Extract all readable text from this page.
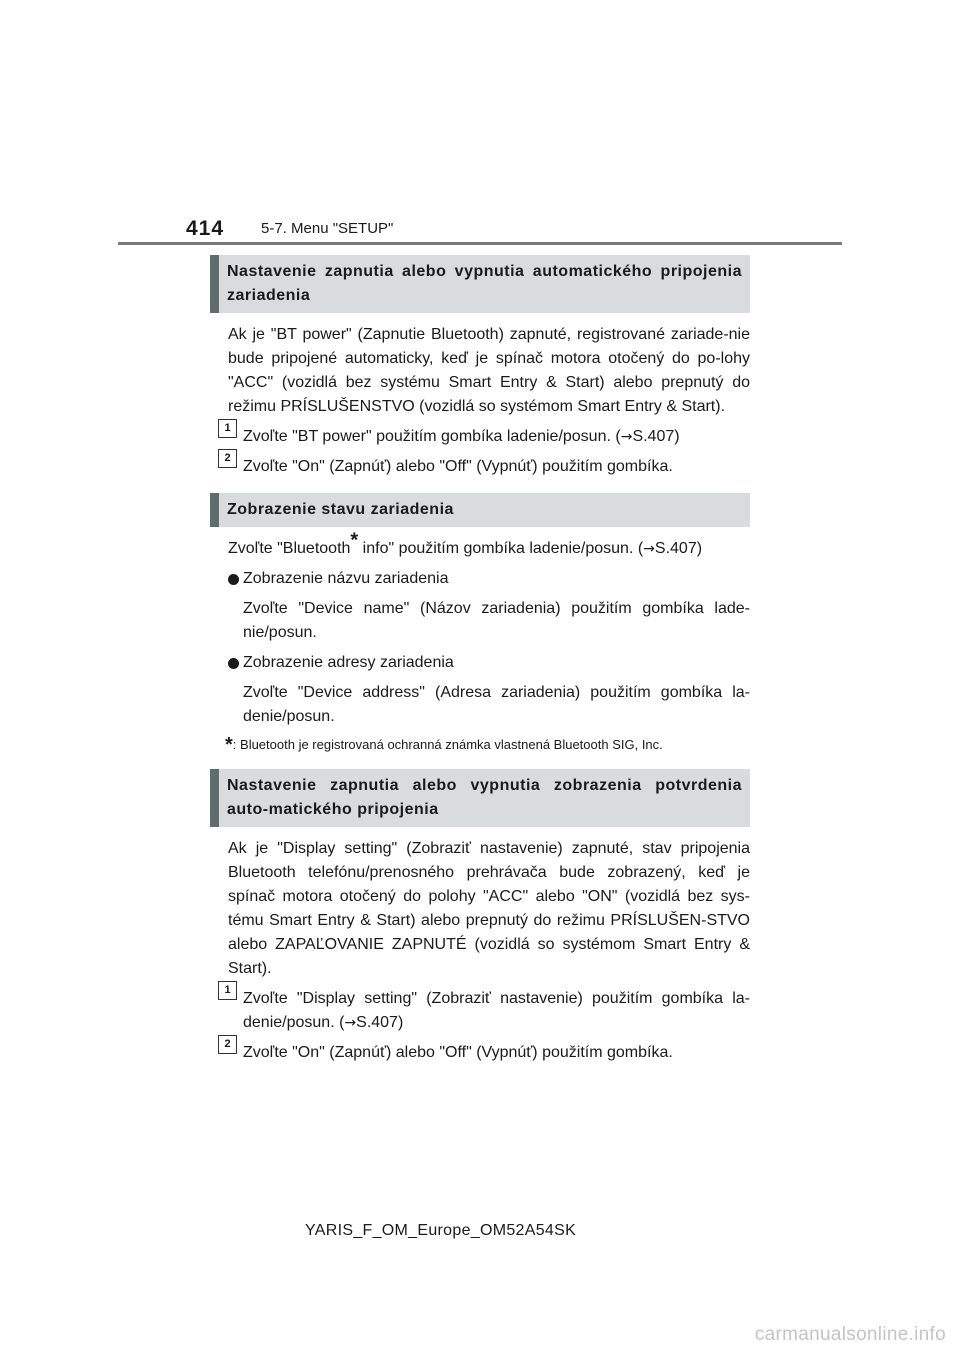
414 5-7. Menu "SETUP"
Nastavenie zapnutia alebo vypnutia automatického pripojenia zariadenia
Ak je "BT power" (Zapnutie Bluetooth) zapnuté, registrované zariade-nie bude pripojené automaticky, keď je spínač motora otočený do po-lohy "ACC" (vozidlá bez systému Smart Entry & Start) alebo prepnutý do režimu PRÍSLUŠENSTVO (vozidlá so systémom Smart Entry & Start).
1 Zvoľte "BT power" použitím gombíka ladenie/posun. (→S.407)
2 Zvoľte "On" (Zapnúť) alebo "Off" (Vypnúť) použitím gombíka.
Zobrazenie stavu zariadenia
Zvoľte "Bluetooth* info" použitím gombíka ladenie/posun. (→S.407)
Zobrazenie názvu zariadenia
Zvoľte "Device name" (Názov zariadenia) použitím gombíka lade-nie/posun.
Zobrazenie adresy zariadenia
Zvoľte "Device address" (Adresa zariadenia) použitím gombíka la-denie/posun.
*: Bluetooth je registrovaná ochranná známka vlastnená Bluetooth SIG, Inc.
Nastavenie zapnutia alebo vypnutia zobrazenia potvrdenia auto-matického pripojenia
Ak je "Display setting" (Zobraziť nastavenie) zapnuté, stav pripojenia Bluetooth telefónu/prenosného prehrávača bude zobrazený, keď je spínač motora otočený do polohy "ACC" alebo "ON" (vozidlá bez sys-tému Smart Entry & Start) alebo prepnutý do režimu PRÍSLUŠEN-STVO alebo ZAPAĽOVANIE ZAPNUTÉ (vozidlá so systémom Smart Entry & Start).
1 Zvoľte "Display setting" (Zobraziť nastavenie) použitím gombíka la-denie/posun. (→S.407)
2 Zvoľte "On" (Zapnúť) alebo "Off" (Vypnúť) použitím gombíka.
YARIS_F_OM_Europe_OM52A54SK
carmanualsonline.info
